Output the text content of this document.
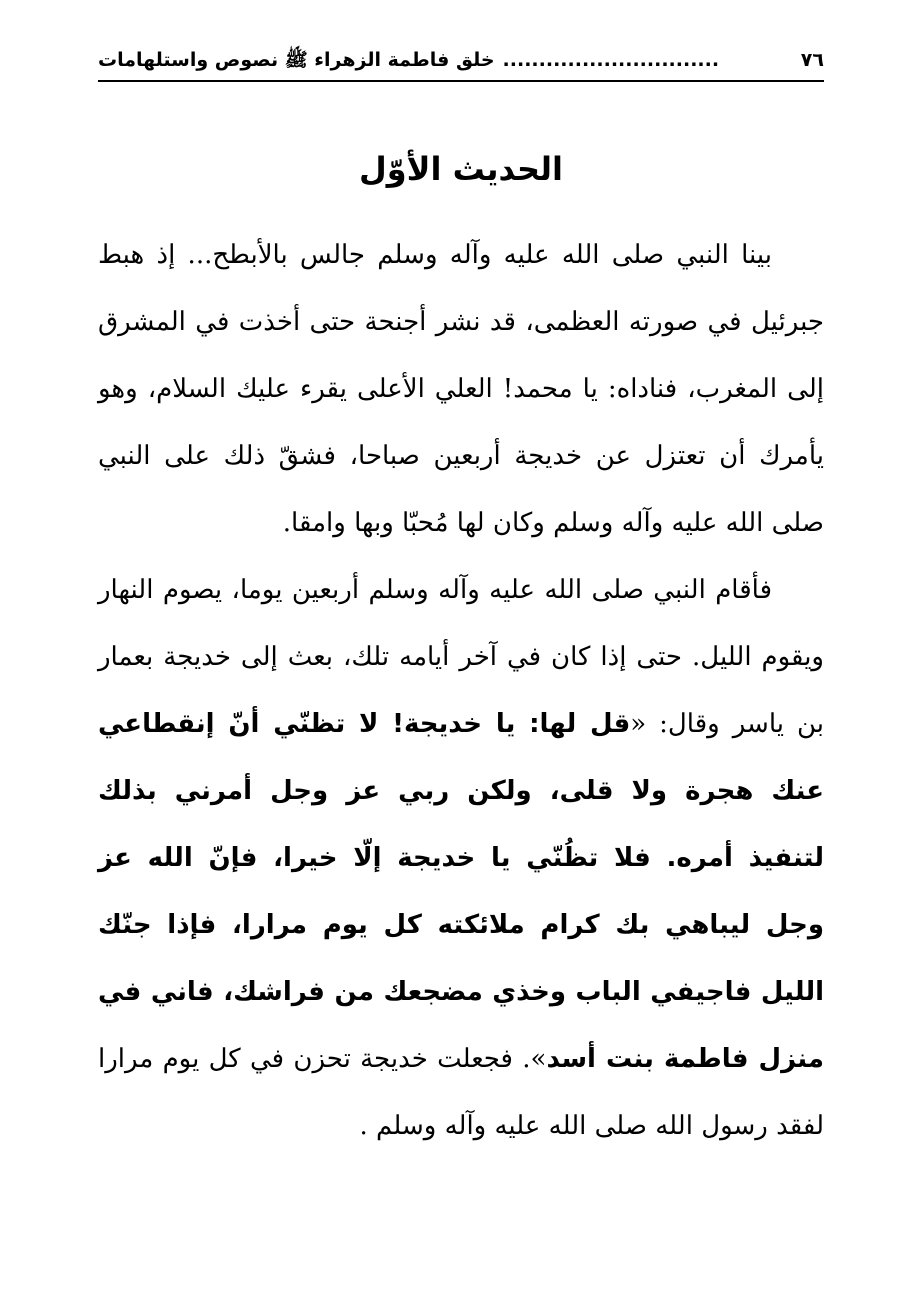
٧٦
..............................
خلق فاطمة الزهراء ﷺ نصوص واستلهامات
الحديث الأوّل

بينا النبي صلى الله عليه وآله وسلم جالس بالأبطح... إذ هبط جبرئيل في صورته العظمى، قد نشر أجنحة حتى أخذت في المشرق إلى المغرب، فناداه: يا محمد! العلي الأعلى يقرء عليك السلام، وهو يأمرك أن تعتزل عن خديجة أربعين صباحا، فشقّ ذلك على النبي صلى الله عليه وآله وسلم وكان لها مُحبّا وبها وامقا.

فأقام النبي صلى الله عليه وآله وسلم أربعين يوما، يصوم النهار ويقوم الليل. حتى إذا كان في آخر أيامه تلك، بعث إلى خديجة بعمار بن ياسر وقال: «قل لها: يا خديجة! لا تظنّي أنّ إنقطاعي عنك هجرة ولا قلى، ولكن ربي عز وجل أمرني بذلك لتنفيذ أمره. فلا تظُنّي يا خديجة إلّا خيرا، فإنّ الله عز وجل ليباهي بك كرام ملائكته كل يوم مرارا، فإذا جنّك الليل فاجيفي الباب وخذي مضجعك من فراشك، فاني في منزل فاطمة بنت أسد». فجعلت خديجة تحزن في كل يوم مرارا لفقد رسول الله صلى الله عليه وآله وسلم .
